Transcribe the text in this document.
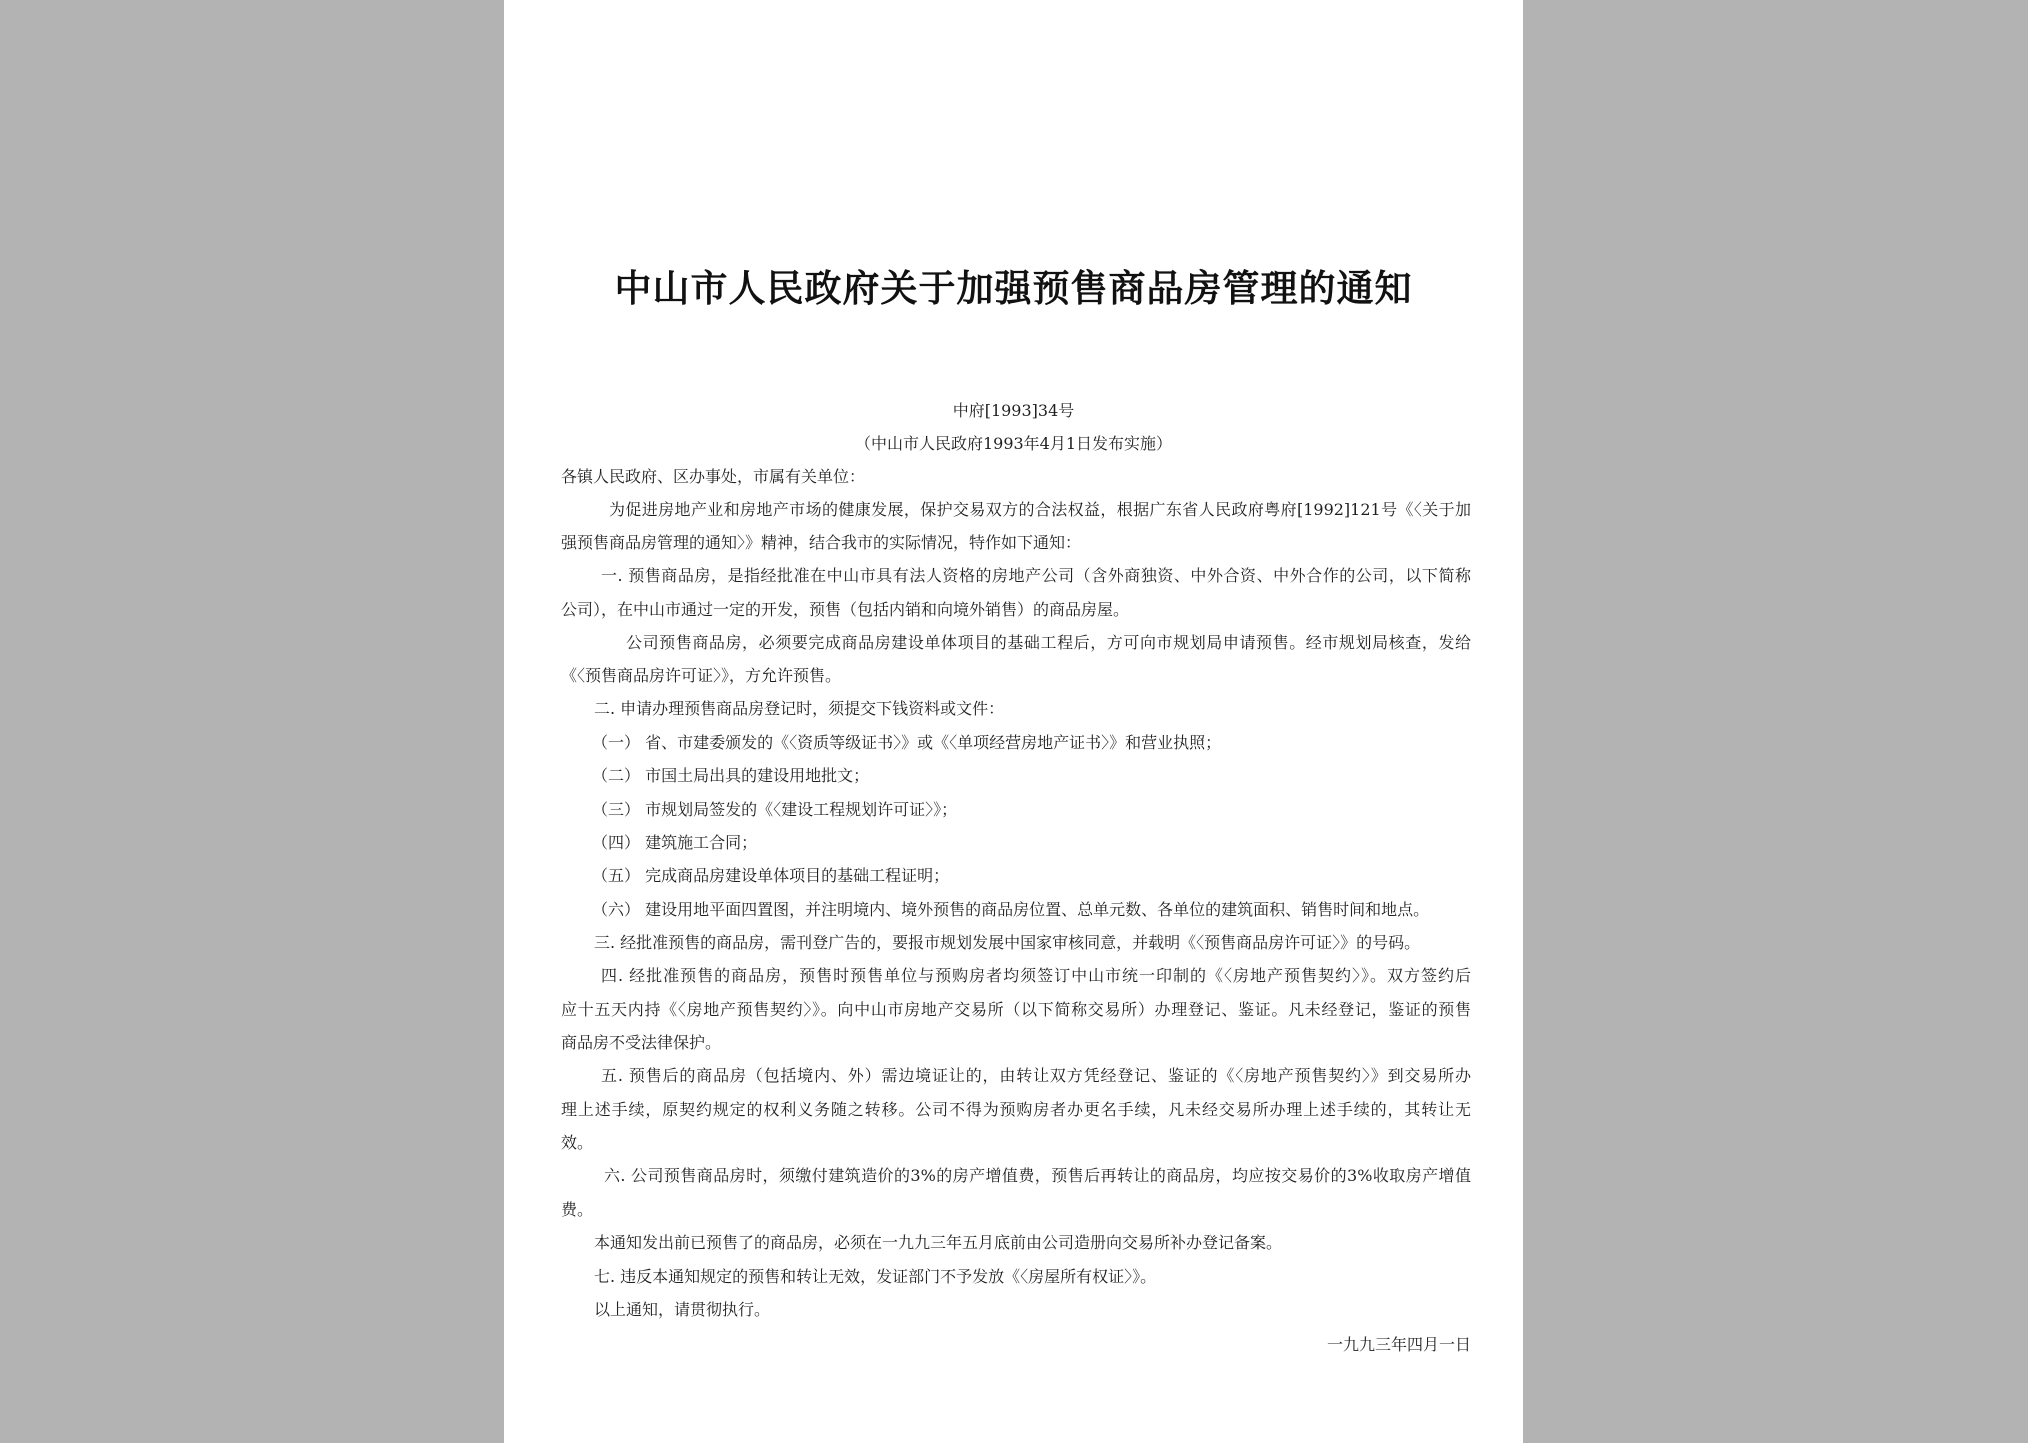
中山市人民政府关于加强预售商品房管理的通知
中府[1993]34号
（中山市人民政府1993年4月1日发布实施）
各镇人民政府、区办事处，市属有关单位：
为促进房地产业和房地产市场的健康发展，保护交易双方的合法权益，根据广东省人民政府粤府[1992]121号《〈关于加
强预售商品房管理的通知〉》精神，结合我市的实际情况，特作如下通知：
一. 预售商品房，是指经批准在中山市具有法人资格的房地产公司（含外商独资、中外合资、中外合作的公司，以下简称
公司），在中山市通过一定的开发，预售（包括内销和向境外销售）的商品房屋。
公司预售商品房，必须要完成商品房建设单体项目的基础工程后，方可向市规划局申请预售。经市规划局核查，发给
《〈预售商品房许可证〉》，方允许预售。
二. 申请办理预售商品房登记时，须提交下钱资料或文件：
（一） 省、市建委颁发的《〈资质等级证书〉》或《〈单项经营房地产证书〉》和营业执照；
（二） 市国土局出具的建设用地批文；
（三） 市规划局签发的《〈建设工程规划许可证〉》；
（四） 建筑施工合同；
（五） 完成商品房建设单体项目的基础工程证明；
（六） 建设用地平面四置图，并注明境内、境外预售的商品房位置、总单元数、各单位的建筑面积、销售时间和地点。
三. 经批准预售的商品房，需刊登广告的，要报市规划发展中国家审核同意，并载明《〈预售商品房许可证〉》的号码。
四. 经批准预售的商品房，预售时预售单位与预购房者均须签订中山市统一印制的《〈房地产预售契约〉》。双方签约后
应十五天内持《〈房地产预售契约〉》。向中山市房地产交易所（以下简称交易所）办理登记、鉴证。凡未经登记，鉴证的预售
商品房不受法律保护。
五. 预售后的商品房（包括境内、外）需边境证让的，由转让双方凭经登记、鉴证的《〈房地产预售契约〉》到交易所办
理上述手续，原契约规定的权利义务随之转移。公司不得为预购房者办更名手续，凡未经交易所办理上述手续的，其转让无
效。
六. 公司预售商品房时，须缴付建筑造价的3%的房产增值费，预售后再转让的商品房，均应按交易价的3%收取房产增值
费。
本通知发出前已预售了的商品房，必须在一九九三年五月底前由公司造册向交易所补办登记备案。
七. 违反本通知规定的预售和转让无效，发证部门不予发放《〈房屋所有权证〉》。
以上通知，请贯彻执行。
一九九三年四月一日
